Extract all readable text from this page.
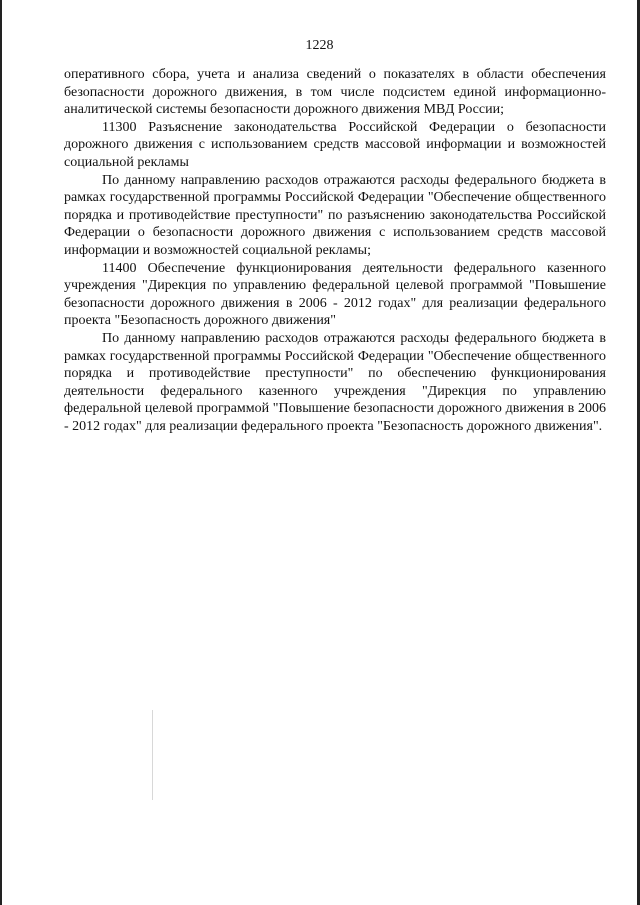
1228

оперативного сбора, учета и анализа сведений о показателях в области обеспечения безопасности дорожного движения, в том числе подсистем единой информационно-аналитической системы безопасности дорожного движения МВД России;

11300 Разъяснение законодательства Российской Федерации о безопасности дорожного движения с использованием средств массовой информации и возможностей социальной рекламы

По данному направлению расходов отражаются расходы федерального бюджета в рамках государственной программы Российской Федерации "Обеспечение общественного порядка и противодействие преступности" по разъяснению законодательства Российской Федерации о безопасности дорожного движения с использованием средств массовой информации и возможностей социальной рекламы;

11400 Обеспечение функционирования деятельности федерального казенного учреждения "Дирекция по управлению федеральной целевой программой "Повышение безопасности дорожного движения в 2006 - 2012 годах" для реализации федерального проекта "Безопасность дорожного движения"

По данному направлению расходов отражаются расходы федерального бюджета в рамках государственной программы Российской Федерации "Обеспечение общественного порядка и противодействие преступности" по обеспечению функционирования деятельности федерального казенного учреждения "Дирекция по управлению федеральной целевой программой "Повышение безопасности дорожного движения в 2006 - 2012 годах" для реализации федерального проекта "Безопасность дорожного движения".
